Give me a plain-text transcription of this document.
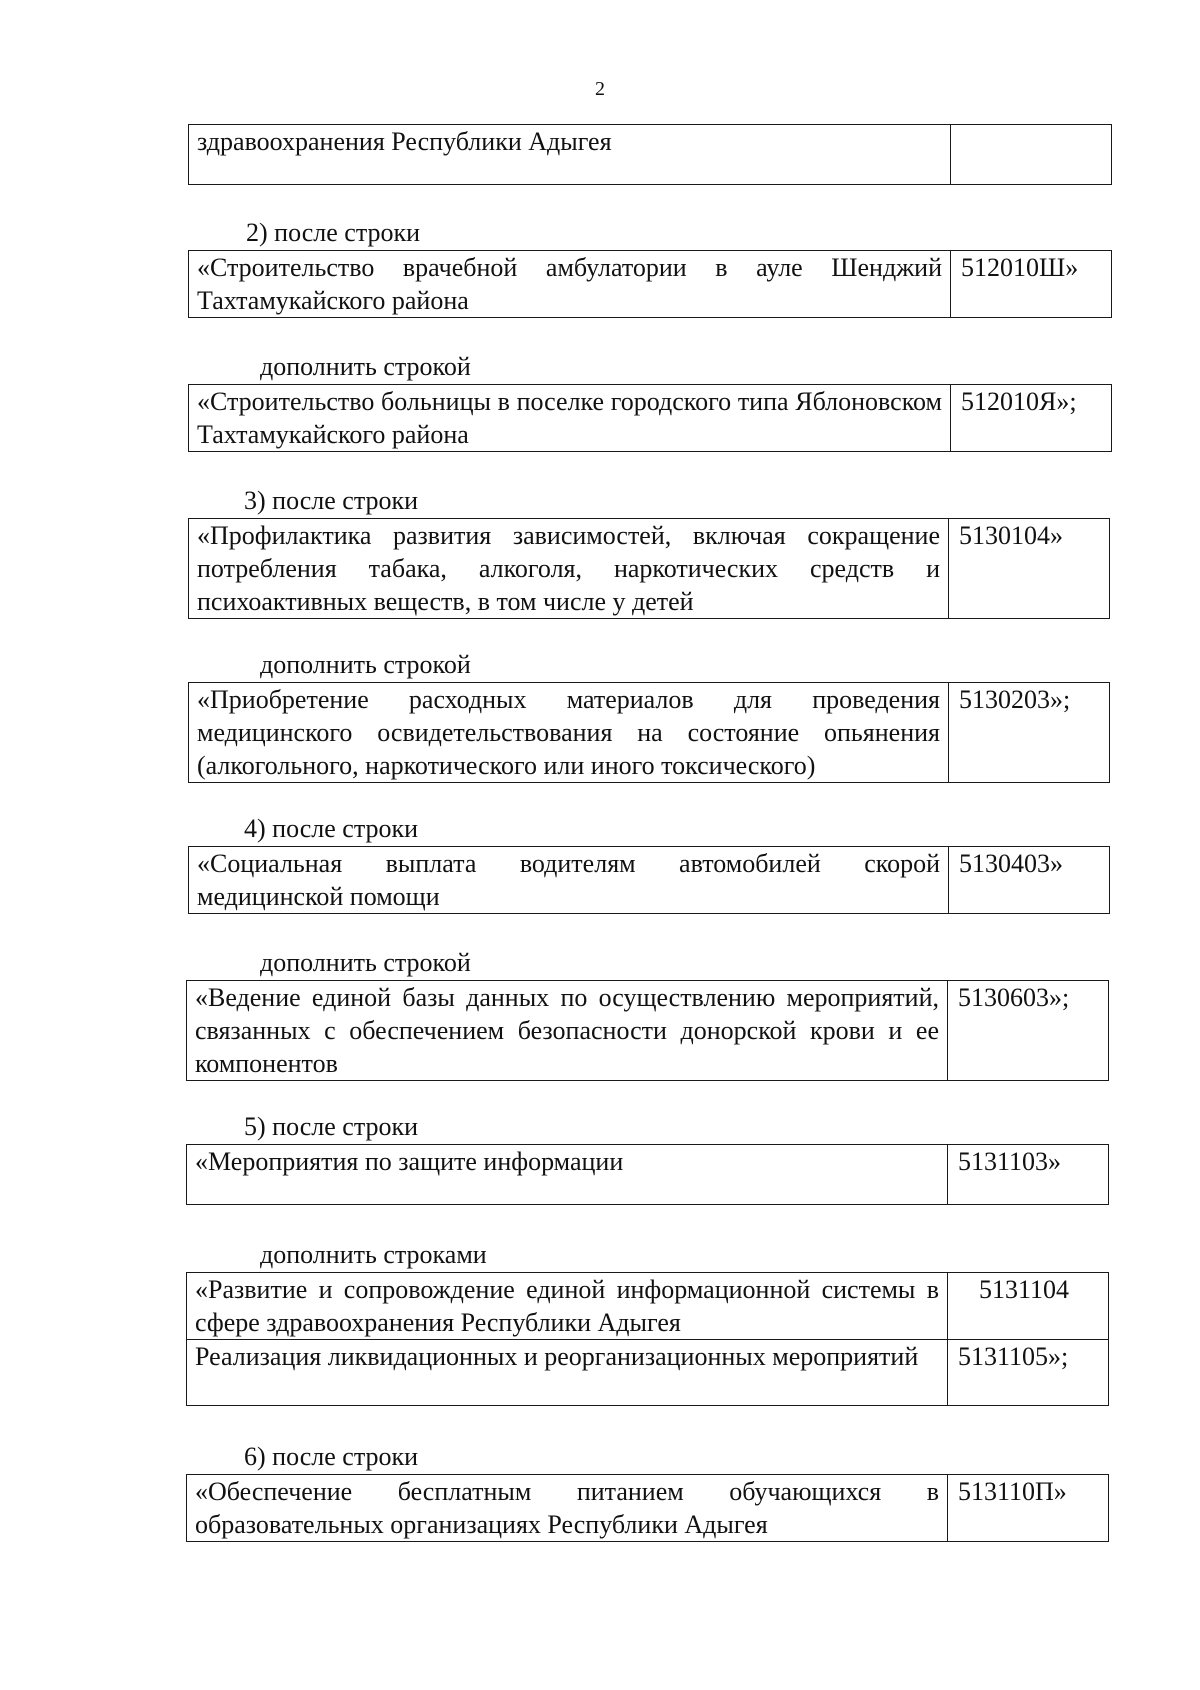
2
здравоохранения Республики Адыгея	
2) после строки
«Строительство врачебной амбулатории в ауле Шенджий Тахтамукайского района	512010Ш»
дополнить строкой
«Строительство больницы в поселке городского типа Яблоновском Тахтамукайского района	512010Я»;
3) после строки
«Профилактика развития зависимостей, включая сокращение потребления табака, алкоголя, наркотических средств и психоактивных веществ, в том числе у детей	5130104»
дополнить строкой
«Приобретение расходных материалов для проведения медицинского освидетельствования на состояние опьянения (алкогольного, наркотического или иного токсического)	5130203»;
4) после строки
«Социальная выплата водителям автомобилей скорой медицинской помощи	5130403»
дополнить строкой
«Ведение единой базы данных по осуществлению мероприятий, связанных с обеспечением безопасности донорской крови и ее компонентов	5130603»;
5) после строки
«Мероприятия по защите информации	5131103»
дополнить строками
«Развитие и сопровождение единой информационной системы в сфере здравоохранения Республики Адыгея	5131104
Реализация ликвидационных и реорганизационных мероприятий	5131105»;
6) после строки
«Обеспечение бесплатным питанием обучающихся в образовательных организациях Республики Адыгея	513110П»
